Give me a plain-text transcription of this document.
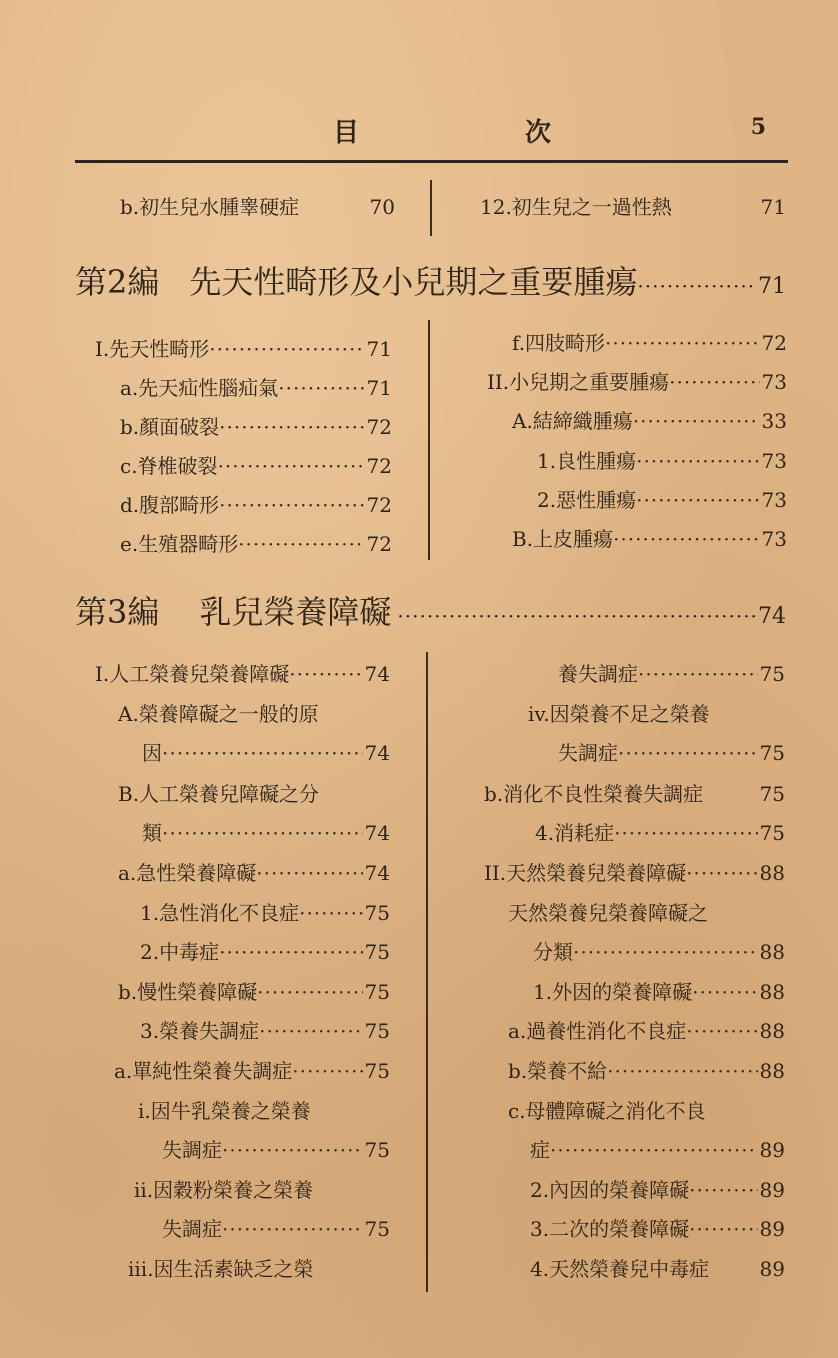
目	次	5
b.初生兒水腫睾硬症	70	12.初生兒之一過性熱	71
第2編 先天性畸形及小兒期之重要腫瘍 ·····	71
I.先天性畸形 ·····	71
a.先天疝性腦疝氣 ·····	71
b.顏面破裂 ·····	72
c.脊椎破裂 ·····	72
d.腹部畸形 ·····	72
e.生殖器畸形 ·····	72
f.四肢畸形 ·····	72
II.小兒期之重要腫瘍 ·····	73
A.結締織腫瘍 ·····	33
1.良性腫瘍 ·····	73
2.惡性腫瘍 ·····	73
B.上皮腫瘍 ·····	73
第3編 乳兒榮養障礙 ·····	74
I.人工榮養兒榮養障礙 ·····	74
A.榮養障礙之一般的原
因 ·····	74
B.人工榮養兒障礙之分
類 ·····	74
a.急性榮養障礙 ·····	74
1.急性消化不良症 ·····	75
2.中毒症 ·····	75
b.慢性榮養障礙 ·····	75
3.榮養失調症 ·····	75
a.單純性榮養失調症 ·····	75
i.因牛乳榮養之榮養
失調症 ·····	75
ii.因穀粉榮養之榮養
失調症 ·····	75
iii.因生活素缺乏之榮
養失調症 ·····	75
iv.因榮養不足之榮養
失調症 ·····	75
b.消化不良性榮養失調症	75
4.消耗症 ·····	75
II.天然榮養兒榮養障礙 ·····	88
天然榮養兒榮養障礙之
分類 ·····	88
1.外因的榮養障礙 ·····	88
a.過養性消化不良症 ·····	88
b.榮養不給 ·····	88
c.母體障礙之消化不良
症 ·····	89
2.內因的榮養障礙 ·····	89
3.二次的榮養障礙 ·····	89
4.天然榮養兒中毒症	89
